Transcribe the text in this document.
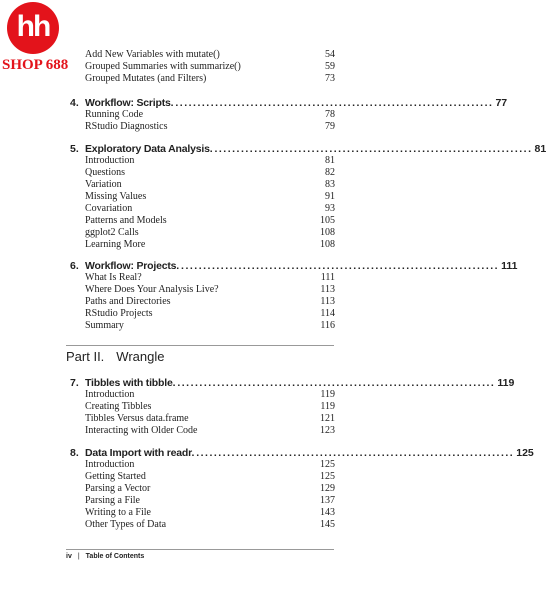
hh
SHOP 688
Add New Variables with mutate()	54
Grouped Summaries with summarize()	59
Grouped Mutates (and Filters)	73
4. Workflow: Scripts. ........................................................................ 77
Running Code	78
RStudio Diagnostics	79
5. Exploratory Data Analysis. ........................................................................ 81
Introduction	81
Questions	82
Variation	83
Missing Values	91
Covariation	93
Patterns and Models	105
ggplot2 Calls	108
Learning More	108
6. Workflow: Projects. ........................................................................ 111
What Is Real?	111
Where Does Your Analysis Live?	113
Paths and Directories	113
RStudio Projects	114
Summary	116
Part II. Wrangle
7. Tibbles with tibble. ........................................................................ 119
Introduction	119
Creating Tibbles	119
Tibbles Versus data.frame	121
Interacting with Older Code	123
8. Data Import with readr. ........................................................................ 125
Introduction	125
Getting Started	125
Parsing a Vector	129
Parsing a File	137
Writing to a File	143
Other Types of Data	145
iv | Table of Contents
